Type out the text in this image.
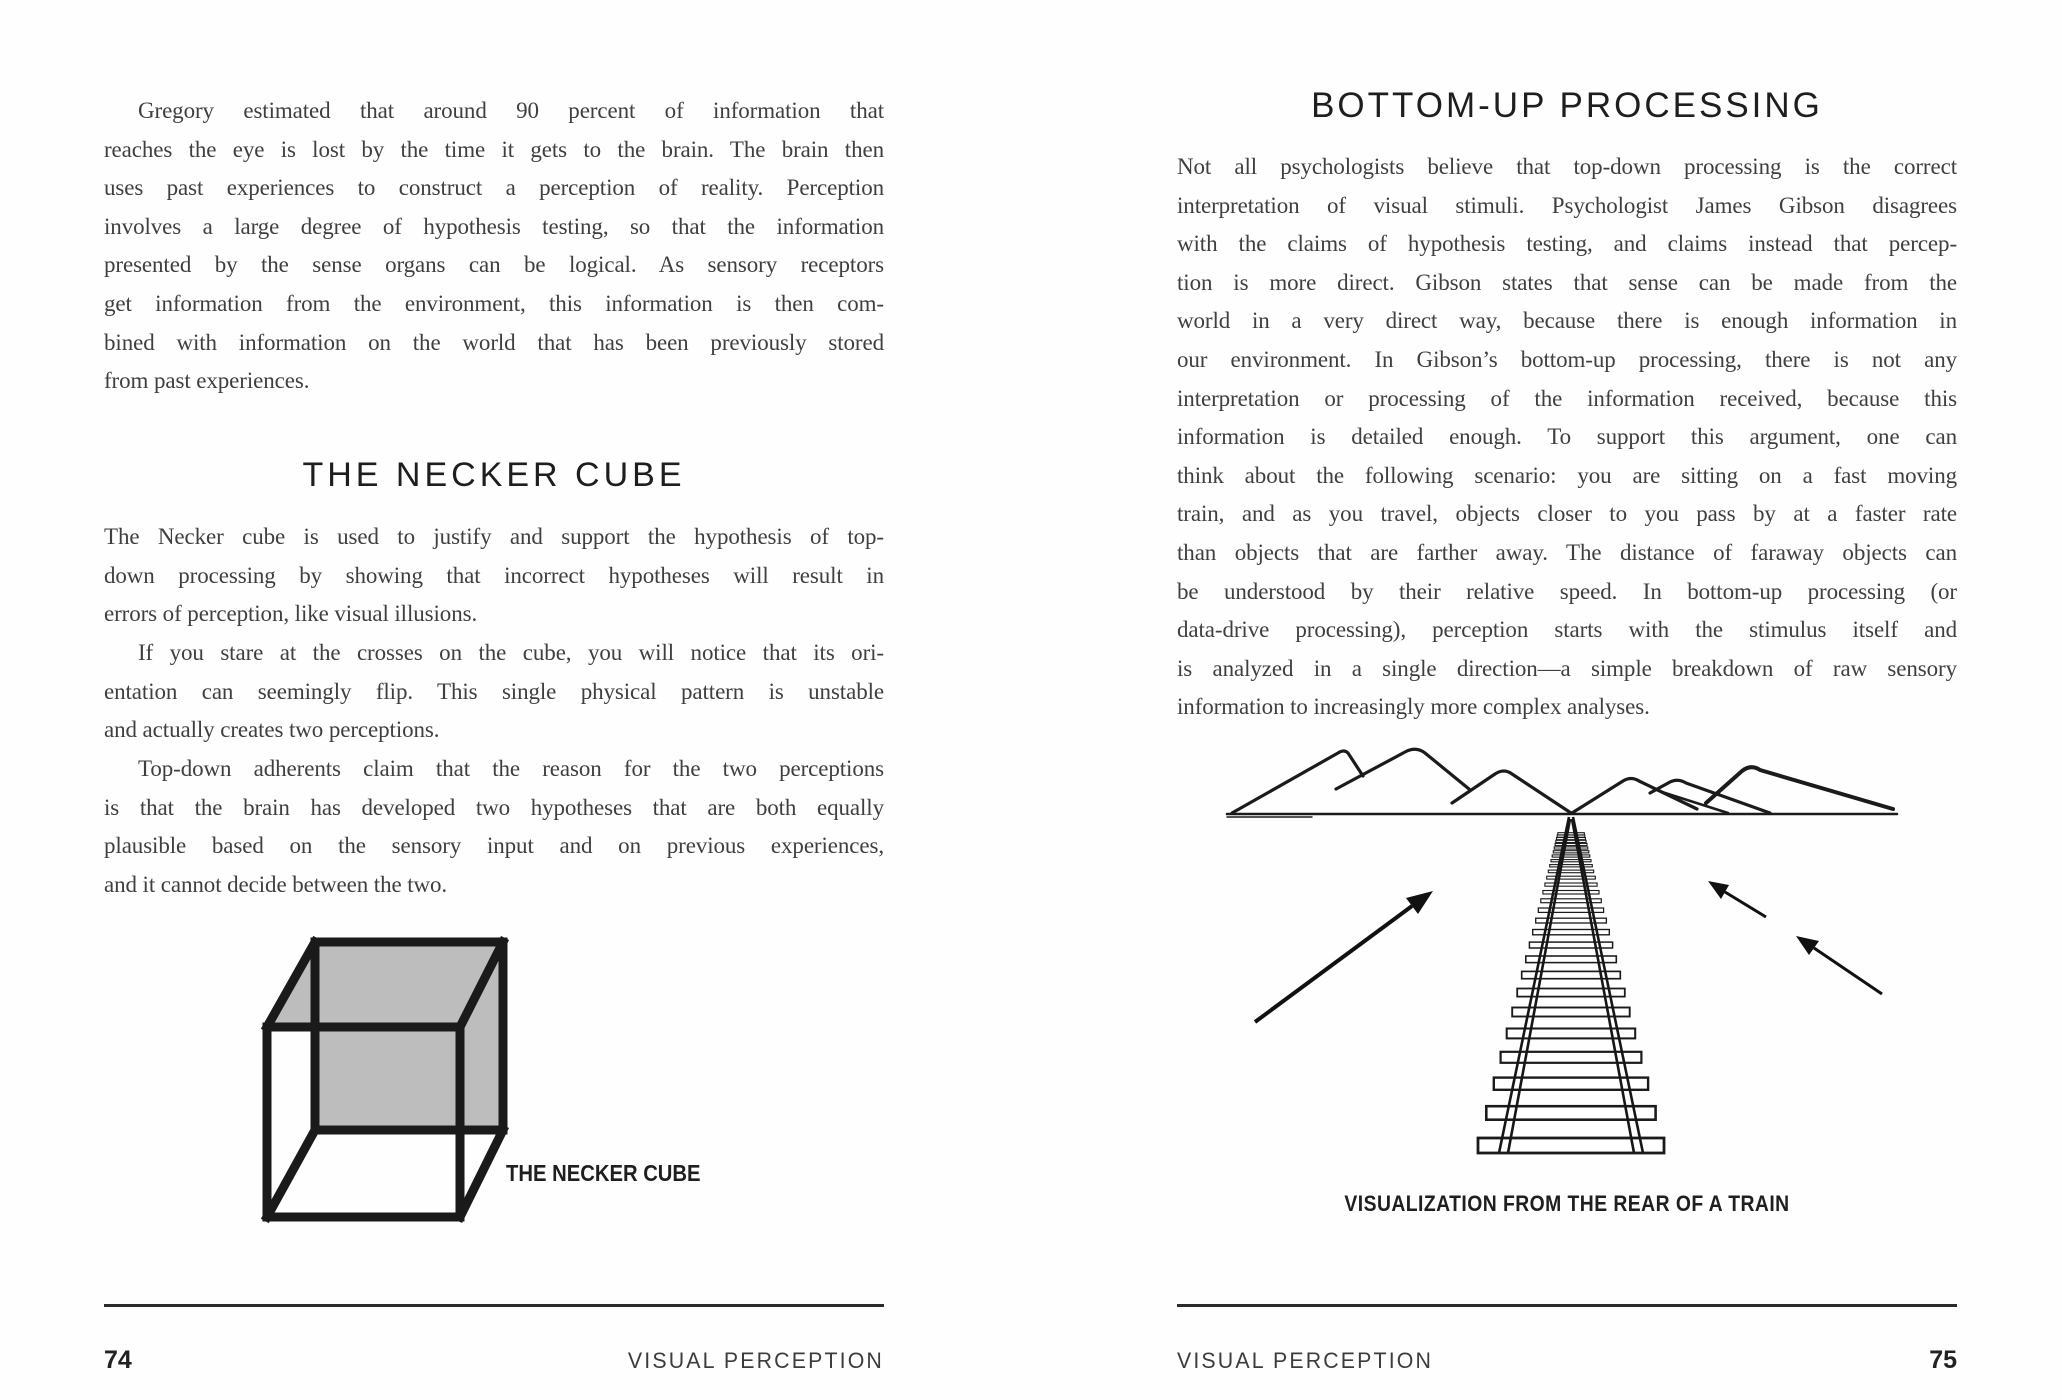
Gregory estimated that around 90 percent of information that
reaches the eye is lost by the time it gets to the brain. The brain then
uses past experiences to construct a perception of reality. Perception
involves a large degree of hypothesis testing, so that the information
presented by the sense organs can be logical. As sensory receptors
get information from the environment, this information is then com-
bined with information on the world that has been previously stored
from past experiences.
THE NECKER CUBE
The Necker cube is used to justify and support the hypothesis of top-
down processing by showing that incorrect hypotheses will result in
errors of perception, like visual illusions.
If you stare at the crosses on the cube, you will notice that its ori-
entation can seemingly flip. This single physical pattern is unstable
and actually creates two perceptions.
Top-down adherents claim that the reason for the two perceptions
is that the brain has developed two hypotheses that are both equally
plausible based on the sensory input and on previous experiences,
and it cannot decide between the two.
THE NECKER CUBE
74	VISUAL PERCEPTION
BOTTOM-UP PROCESSING
Not all psychologists believe that top-down processing is the correct
interpretation of visual stimuli. Psychologist James Gibson disagrees
with the claims of hypothesis testing, and claims instead that percep-
tion is more direct. Gibson states that sense can be made from the
world in a very direct way, because there is enough information in
our environment. In Gibson’s bottom-up processing, there is not any
interpretation or processing of the information received, because this
information is detailed enough. To support this argument, one can
think about the following scenario: you are sitting on a fast moving
train, and as you travel, objects closer to you pass by at a faster rate
than objects that are farther away. The distance of faraway objects can
be understood by their relative speed. In bottom-up processing (or
data-drive processing), perception starts with the stimulus itself and
is analyzed in a single direction—a simple breakdown of raw sensory
information to increasingly more complex analyses.
VISUALIZATION FROM THE REAR OF A TRAIN
VISUAL PERCEPTION	75
